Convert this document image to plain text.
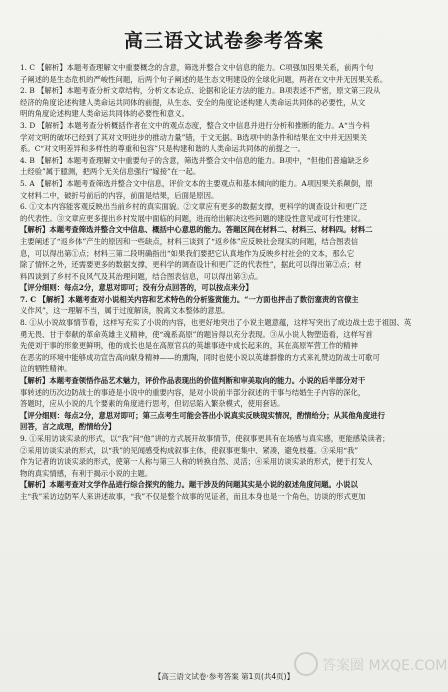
高三语文试卷参考答案
1. C 【解析】本题考查理解文中重要概念的含意，筛选并整合文中信息的能力。C项强加因果关系，前两个句
子阐述的是生态危机的严峻性问题，后两个句子阐述的是生态文明建设的全球化问题，两者在文中并无因果关系。
2. B 【解析】本题考查分析文章结构，分析文本论点、论据和论证方法的能力。B项表述不严密，原文第三段从
经济的角度论述构建人类命运共同体的前提，从生态、安全的角度论述构建人类命运共同体的必要性，从文
明的角度论述构建人类命运共同体的必要性和意义。
3. D 【解析】本题考查分析概括作者在文中的观点态度，整合文中信息并进行分析和推断的能力。A“当今科
学对文明的破坏已经到了其对文明进步的推动力量”错，于文无据。B选项中的条件和结果在文中并无因果关
系。C“对文明差异和多样性的尊重和包容”只是构建和谐的人类命运共同体的前提之一。
4. B 【解析】本题考查理解文中重要句子的含意，筛选并整合文中信息的能力。B项中，“但他们普遍缺乏乡
土经验”属于臆测，把两个无关信息强行“嫁接”在一起。
5. A 【解析】本题考查筛选并整合文中信息，评价文本的主要观点和基本倾向的能力。A项因果关系颠倒，原
文材料二中，破折号前后的内容，前面是结果，后面是原因。
6. ①文本内容能客观反映出当前乡村的真实面貌。②文章应有更多的数据支撑，更科学的调查设计和更广泛
的代表性。③文章应更多提出乡村发展中面临的问题，进而给出解决这些问题的建设性意见或可行性建议。
【解析】本题考查筛选并整合文中信息、概括中心意思的能力。答题区间在材料二、材料三、材料四。材料二
主要阐述了“返乡体”产生的原因和一些缺点，材料三谈到了“返乡体”应反映社会现实的问题，结合图表信
息，可以得出第①点；材料三第二段明确指出“如果我们要把它认真地作为反映乡村社会的文本，那么它
除了情怀之外，还需要更多的数据支撑，更科学的调查设计和更广泛的代表性”，据此可以得出第②点；材
料四谈到了乡村不良风气及其治理问题，结合图表信息，可以得出第③点。
【评分细则：每点2分，意思对即可；没有分点回答的，可以按点来分】
7. C 【解析】本题考查对小说相关内容和艺术特色的分析鉴赏能力。“一方面也抨击了数衍塞责的官僚主
义作风”，这一理解不当，属于过度解读，脱离文本整体的意思。
8. ①从小说故事情节看，这样写充实了小说的内容，也更好地突出了小说主题意蕴，这样写突出了成边战士忠于祖国、英
勇无畏、甘于奉献的革命英雄主义精神，使“魂系高原”的题旨得以充分表现。③从小说人物塑造看，这样写首
先使刘干事的形象更鲜明，他的成长也是在高原官兵的英雄事迹中成长起来的，其在高原军营工作的精神
在恶劣的环境中能够成功宣告高向献身精神——的熏陶，同时也使小说以英雄群像的方式来礼赞边防战士可歌可
泣的牺牲精神。
【解析】本题考查领悟作品艺术魅力，评价作品表现出的价值判断和审美取向的能力。小说的后半部分对干
事转述的历次边防战士的事迹是小说中的重要内容，是对小说前半部分叙述的干事与结婚生子内容的深化，
答题时，应从小说的几个要素的角度进行思考，但切忌陷入繁杂模式，使用套话。
【评分细则：每点2分，意思对即可；第三点考生可能会答出小说真实反映现实情况，酌情给分；从其他角度进行
回答，言之成理，酌情给分】
9. ①采用访谈实录的形式，以“我”问“他”讲的方式展开故事情节，使叙事更具有在场感与真实感，更能感染读者；
②采用访谈实录的形式，以“我”的见闻感受构成叙事主体，使叙事更集中、紧凑，避免枝蔓。③采用“我”
作为记者的访谈实录的形式，使第一人称与第三人称的转换自然、灵活；④采用访谈实录的形式，便于打发人
物的真实情感，有利于揭示小说的主题。
【解析】本题考查对文学作品进行综合探究的能力。题干涉及的问题其实是小说的叙述角度问题。小说以
主“我”采访边防军人来讲述故事，“我”不仅是整个故事的见证者，而且本身也是一个角色，访谈的形式更加
【高三语文试卷·参考答案 第1页(共4页)】
答案圈 MXQE.COM
